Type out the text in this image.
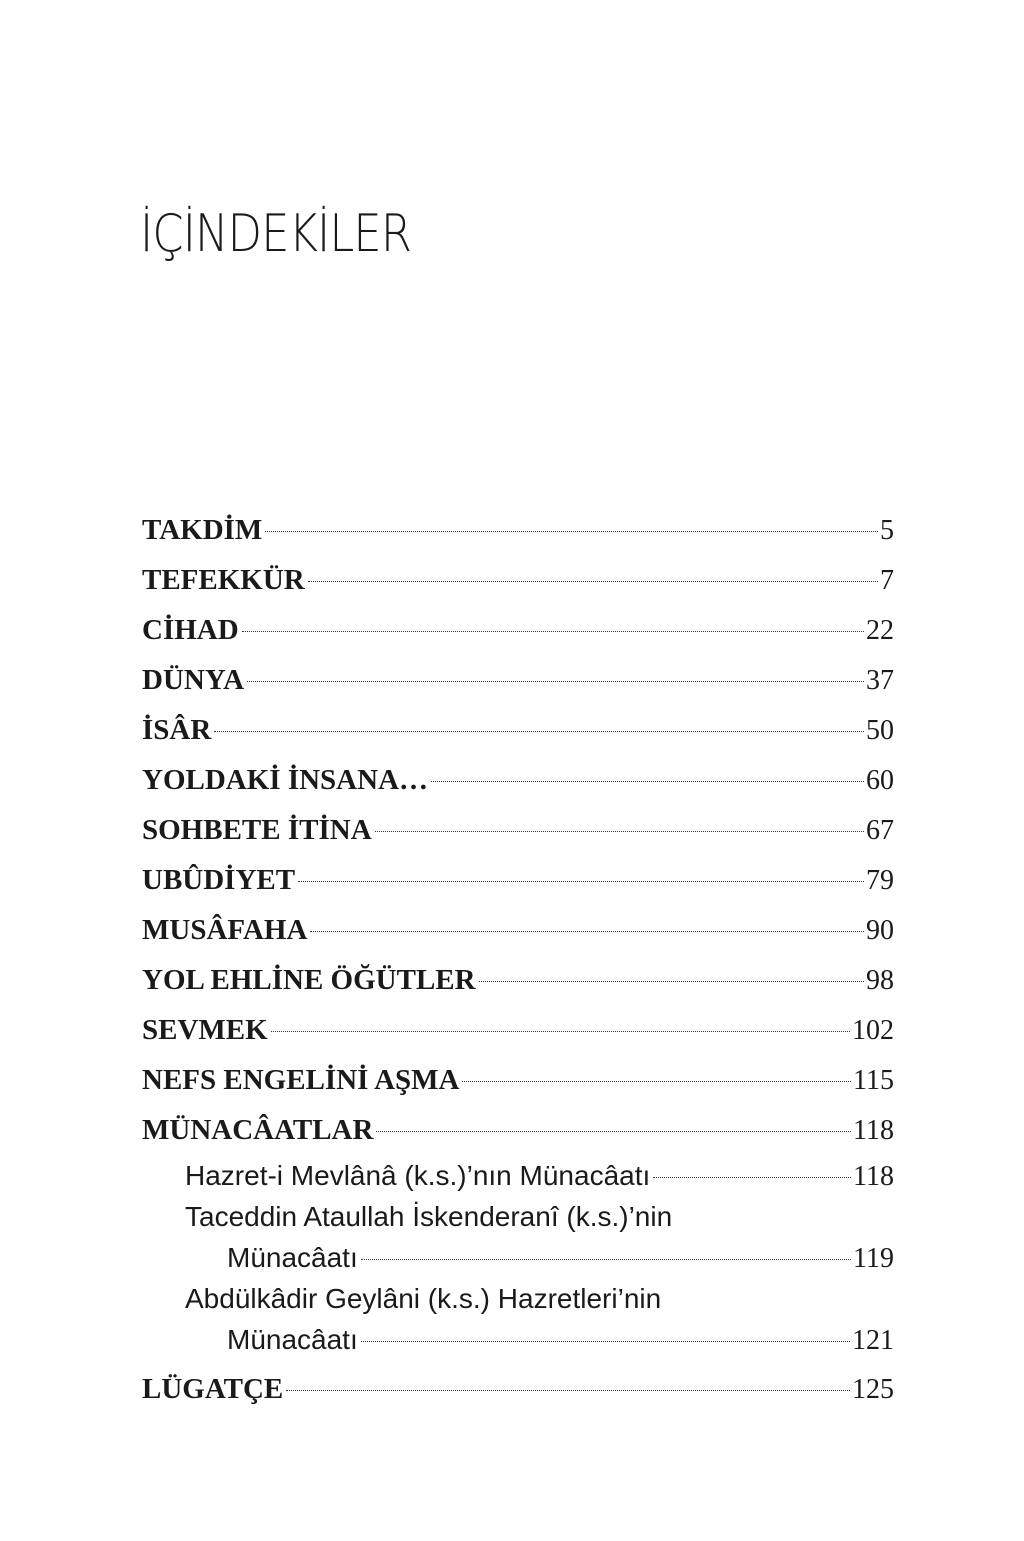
İÇİNDEKİLER
TAKDİM	5
TEFEKKÜR	7
CİHAD	22
DÜNYA	37
İSÂR	50
YOLDAKİ İNSANA…	60
SOHBETE İTİNA	67
UBÛDİYET	79
MUSÂFAHA	90
YOL EHLİNE ÖĞÜTLER	98
SEVMEK	102
NEFS ENGELİNİ AŞMA	115
MÜNACÂATLAR	118
Hazret-i Mevlânâ (k.s.)’nın Münacâatı	118
Taceddin Ataullah İskenderanî (k.s.)’nin
Münacâatı	119
Abdülkâdir Geylâni (k.s.) Hazretleri’nin
Münacâatı	121
LÜGATÇE	125
